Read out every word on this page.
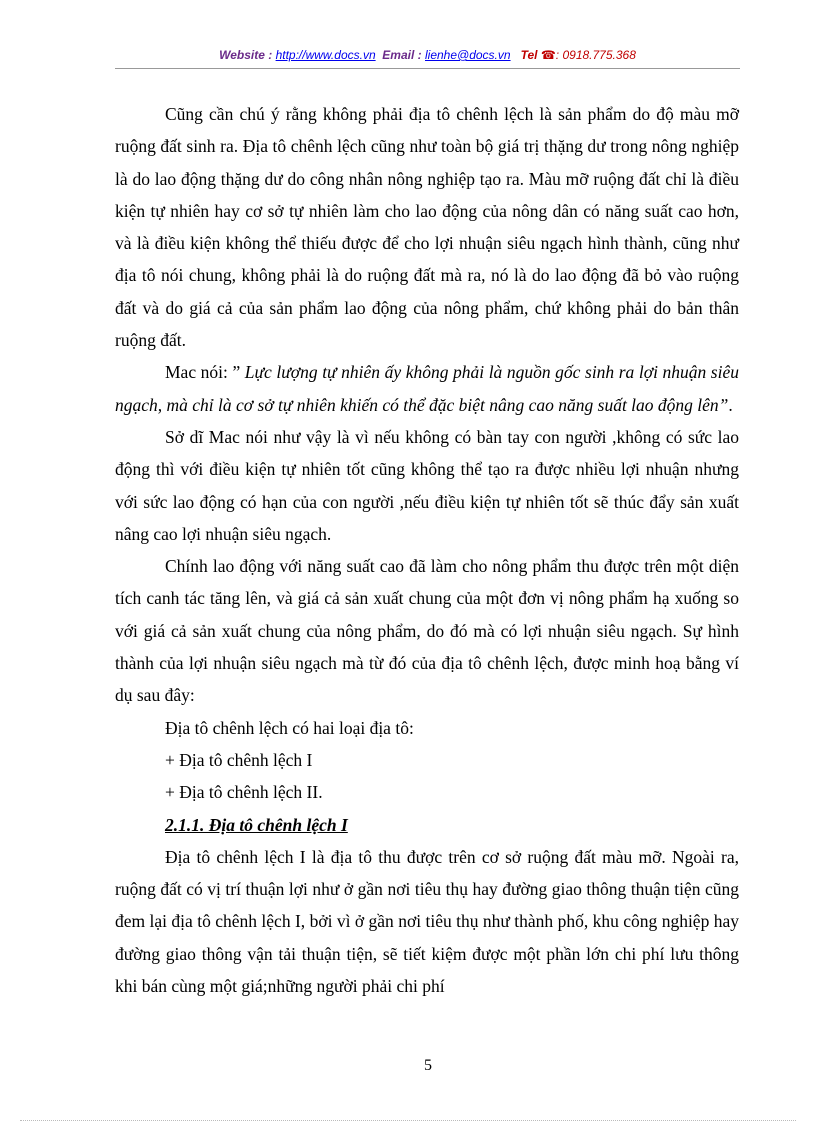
Website : http://www.docs.vn Email : lienhe@docs.vn Tel ☎: 0918.775.368

Cũng cần chú ý rằng không phải địa tô chênh lệch là sản phẩm do độ màu mỡ ruộng đất sinh ra. Địa tô chênh lệch cũng như toàn bộ giá trị thặng dư trong nông nghiệp là do lao động thặng dư do công nhân nông nghiệp tạo ra. Màu mỡ ruộng đất chỉ là điều kiện tự nhiên hay cơ sở tự nhiên làm cho lao động của nông dân có năng suất cao hơn, và là điều kiện không thể thiếu được để cho lợi nhuận siêu ngạch hình thành, cũng như địa tô nói chung, không phải là do ruộng đất mà ra, nó là do lao động đã bỏ vào ruộng đất và do giá cả của sản phẩm lao động của nông phẩm, chứ không phải do bản thân ruộng đất.

Mac nói: ” Lực lượng tự nhiên ấy không phải là nguồn gốc sinh ra lợi nhuận siêu ngạch, mà chỉ là cơ sở tự nhiên khiến có thể đặc biệt nâng cao năng suất lao động lên”.

Sở dĩ Mac nói như vậy là vì nếu không có bàn tay con người ,không có sức lao động thì với điều kiện tự nhiên tốt cũng không thể tạo ra được nhiều lợi nhuận nhưng với sức lao động có hạn của con người ,nếu điều kiện tự nhiên tốt sẽ thúc đẩy sản xuất nâng cao lợi nhuận siêu ngạch.

Chính lao động với năng suất cao đã làm cho nông phẩm thu được trên một diện tích canh tác tăng lên, và giá cả sản xuất chung của một đơn vị nông phẩm hạ xuống so với giá cả sản xuất chung của nông phẩm, do đó mà có lợi nhuận siêu ngạch. Sự hình thành của lợi nhuận siêu ngạch mà từ đó của địa tô chênh lệch, được minh hoạ bằng ví dụ sau đây:

Địa tô chênh lệch có hai loại địa tô:

+ Địa tô chênh lệch I

+ Địa tô chênh lệch II.

2.1.1. Địa tô chênh lệch I

Địa tô chênh lệch I là địa tô thu được trên cơ sở ruộng đất màu mỡ. Ngoài ra, ruộng đất có vị trí thuận lợi như ở gần nơi tiêu thụ hay đường giao thông thuận tiện cũng đem lại địa tô chênh lệch I, bởi vì ở gần nơi tiêu thụ như thành phố, khu công nghiệp hay đường giao thông vận tải thuận tiện, sẽ tiết kiệm được một phần lớn chi phí lưu thông khi bán cùng một giá;những người phải chi phí

5
